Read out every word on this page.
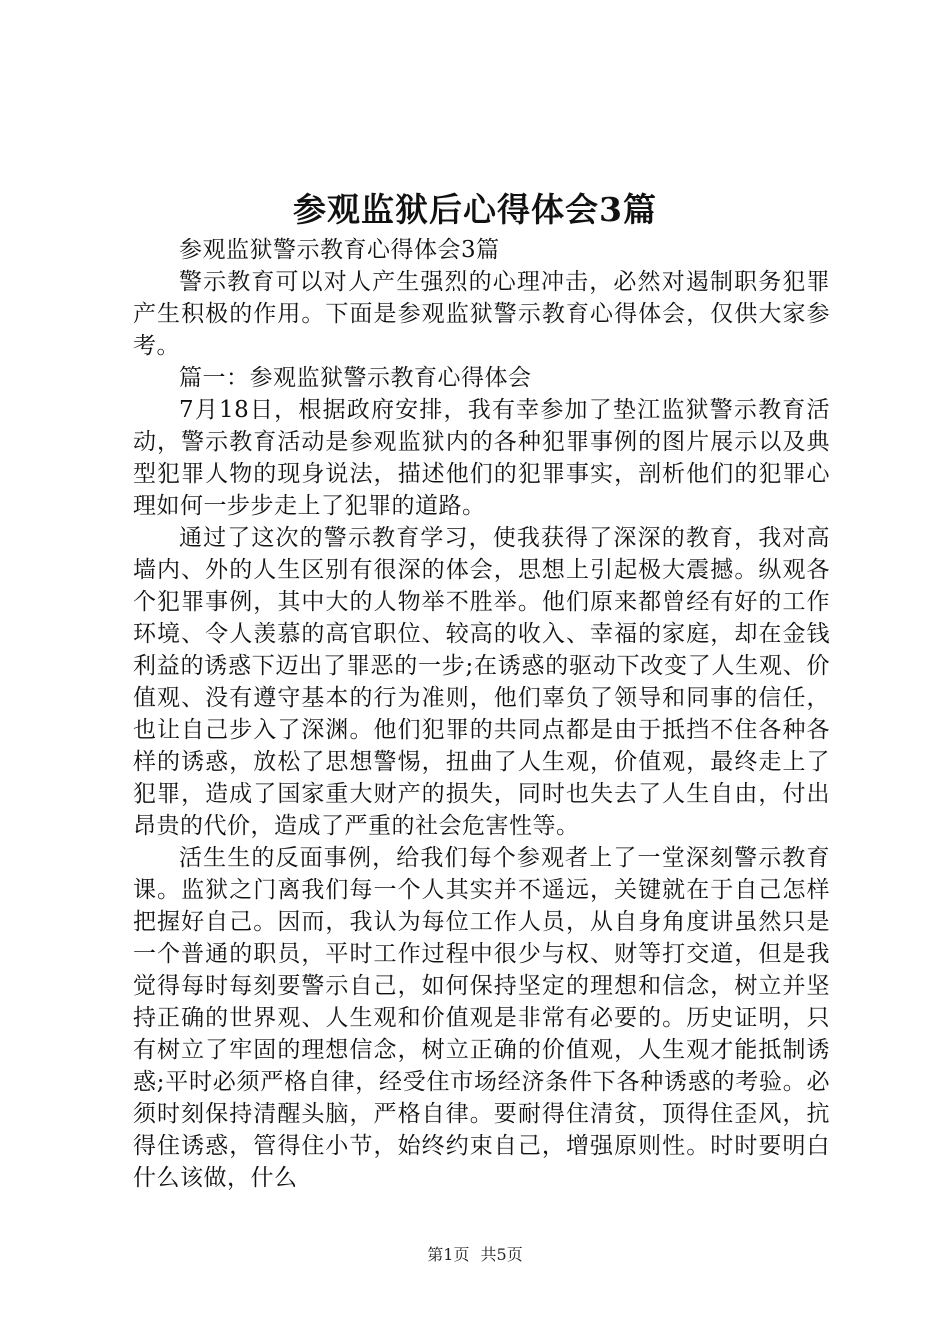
参观监狱后心得体会3篇

参观监狱警示教育心得体会3篇

警示教育可以对人产生强烈的心理冲击，必然对遏制职务犯罪产生积极的作用。下面是参观监狱警示教育心得体会，仅供大家参考。

篇一：参观监狱警示教育心得体会

7月18日，根据政府安排，我有幸参加了垫江监狱警示教育活动，警示教育活动是参观监狱内的各种犯罪事例的图片展示以及典型犯罪人物的现身说法，描述他们的犯罪事实，剖析他们的犯罪心理如何一步步走上了犯罪的道路。

通过了这次的警示教育学习，使我获得了深深的教育，我对高墙内、外的人生区别有很深的体会，思想上引起极大震撼。纵观各个犯罪事例，其中大的人物举不胜举。他们原来都曾经有好的工作环境、令人羡慕的高官职位、较高的收入、幸福的家庭，却在金钱利益的诱惑下迈出了罪恶的一步;在诱惑的驱动下改变了人生观、价值观、没有遵守基本的行为准则，他们辜负了领导和同事的信任，也让自己步入了深渊。他们犯罪的共同点都是由于抵挡不住各种各样的诱惑，放松了思想警惕，扭曲了人生观，价值观，最终走上了犯罪，造成了国家重大财产的损失，同时也失去了人生自由，付出昂贵的代价，造成了严重的社会危害性等。

活生生的反面事例，给我们每个参观者上了一堂深刻警示教育课。监狱之门离我们每一个人其实并不遥远，关键就在于自己怎样把握好自己。因而，我认为每位工作人员，从自身角度讲虽然只是一个普通的职员，平时工作过程中很少与权、财等打交道，但是我觉得每时每刻要警示自己，如何保持坚定的理想和信念，树立并坚持正确的世界观、人生观和价值观是非常有必要的。历史证明，只有树立了牢固的理想信念，树立正确的价值观，人生观才能抵制诱惑;平时必须严格自律，经受住市场经济条件下各种诱惑的考验。必须时刻保持清醒头脑，严格自律。要耐得住清贫，顶得住歪风，抗得住诱惑，管得住小节，始终约束自己，增强原则性。时时要明白什么该做，什么

第1页 共5页
